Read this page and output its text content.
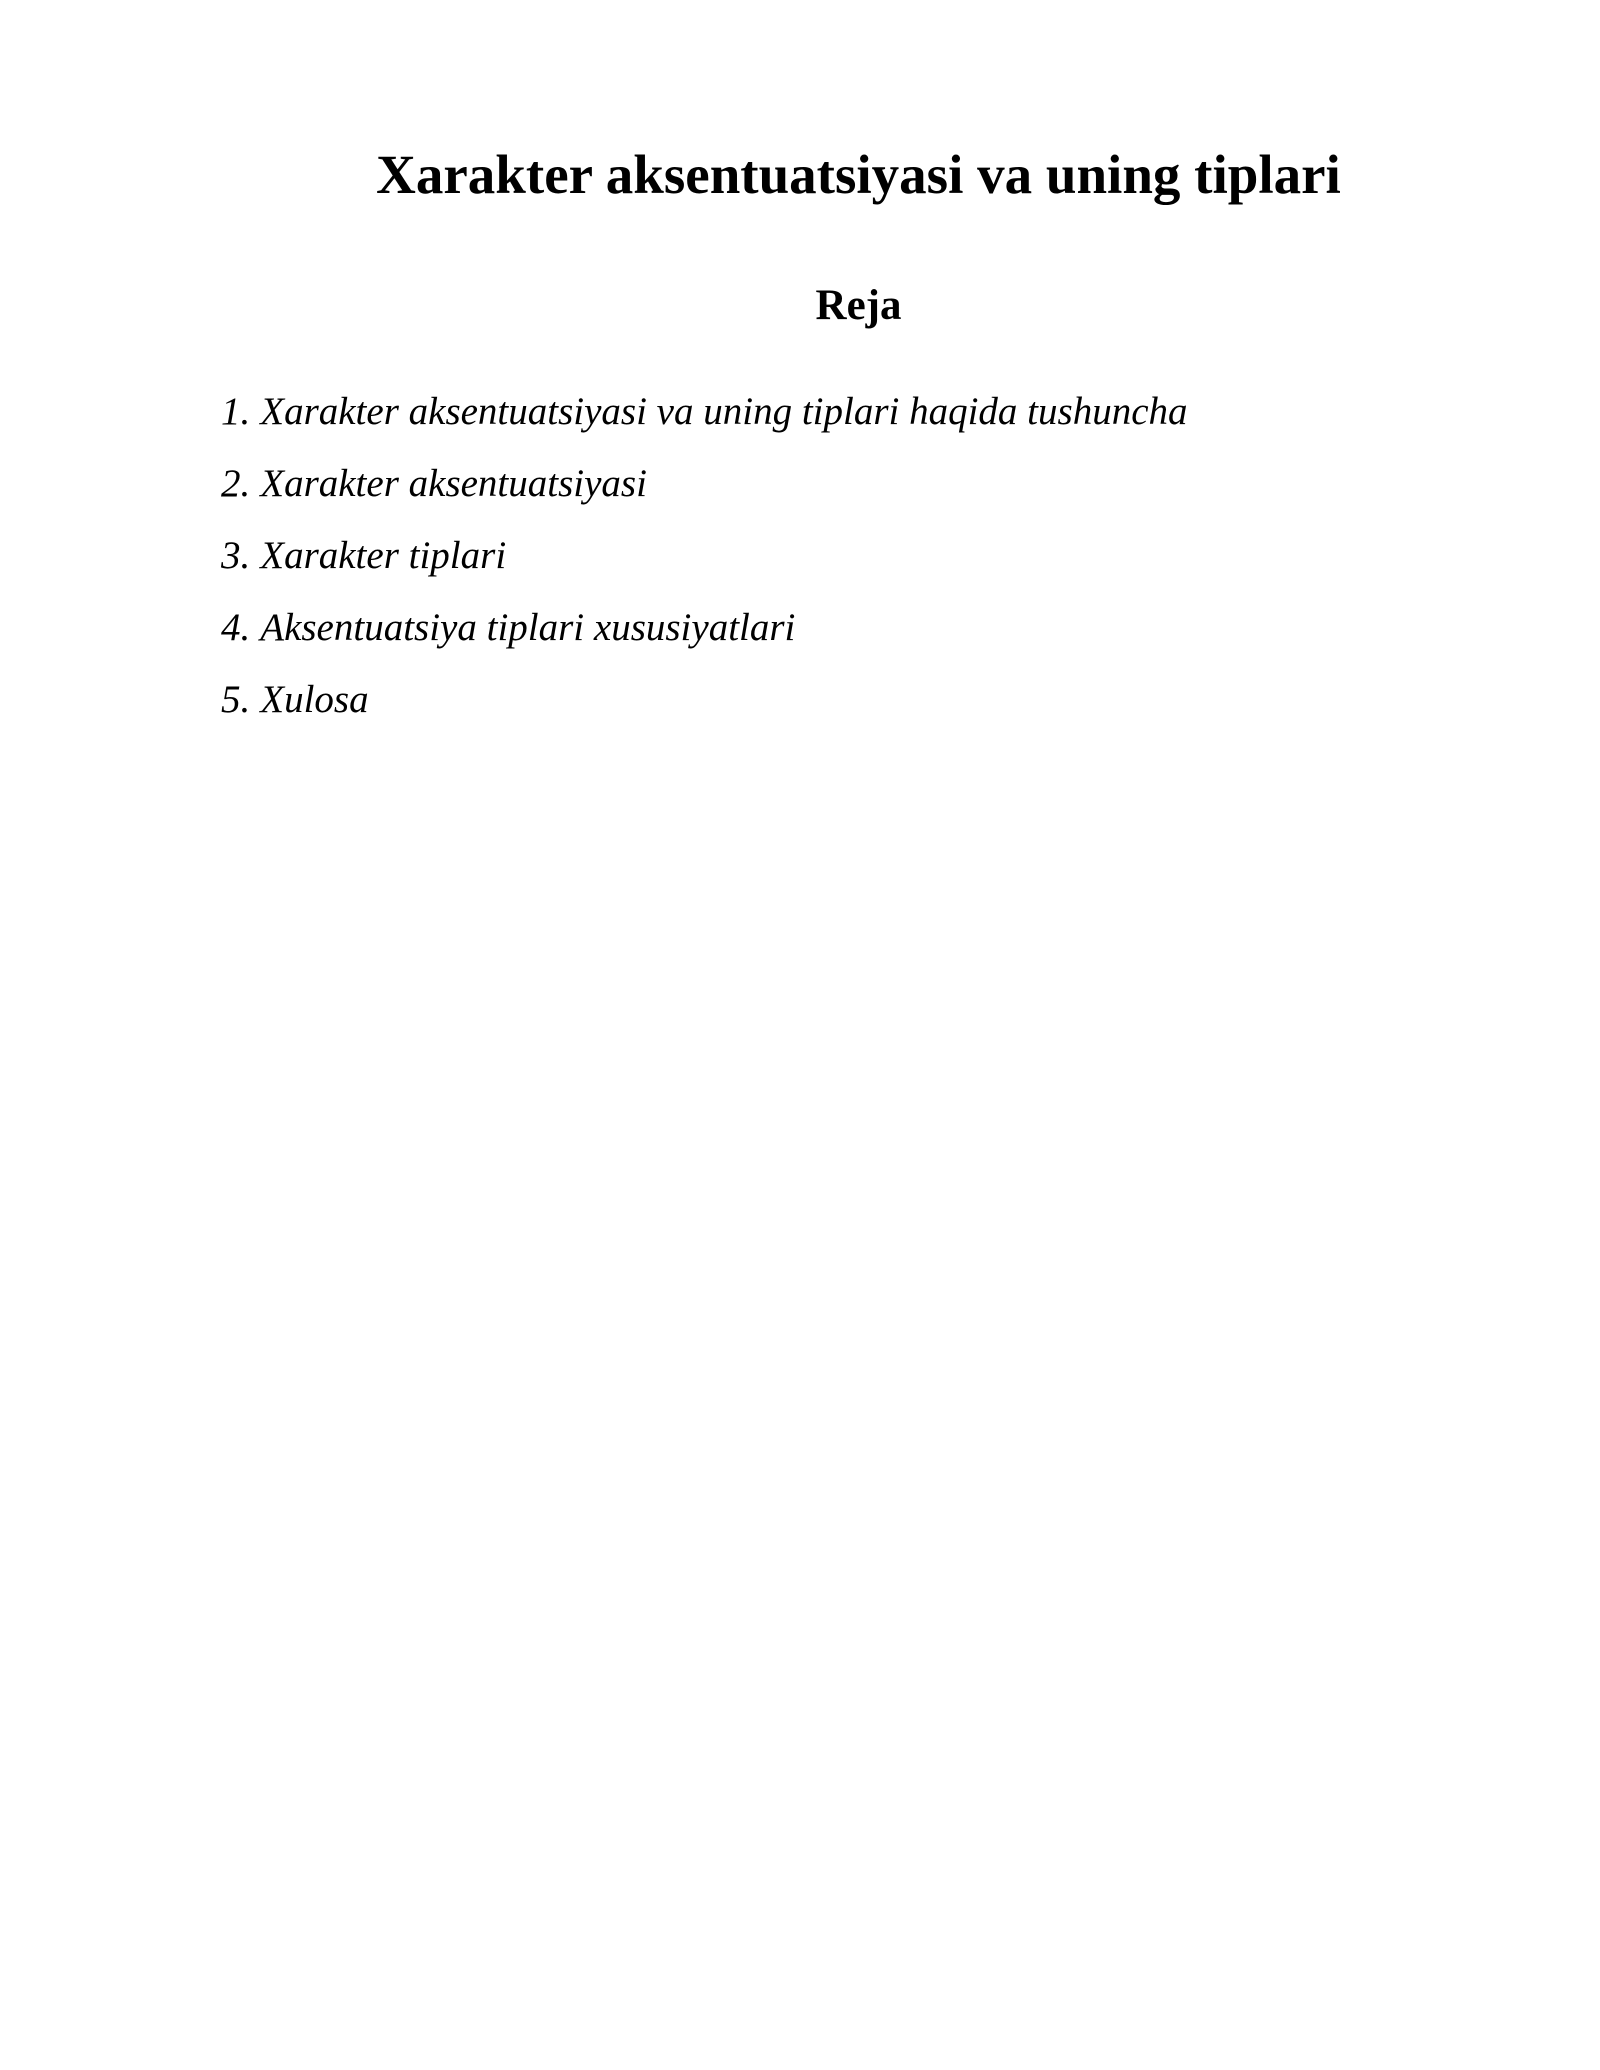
Xarakter aksentuatsiyasi va uning tiplari
Reja
1. Xarakter aksentuatsiyasi va uning tiplari haqida tushuncha
2. Xarakter aksentuatsiyasi
3. Xarakter tiplari
4. Aksentuatsiya tiplari xususiyatlari
5. Xulosa
